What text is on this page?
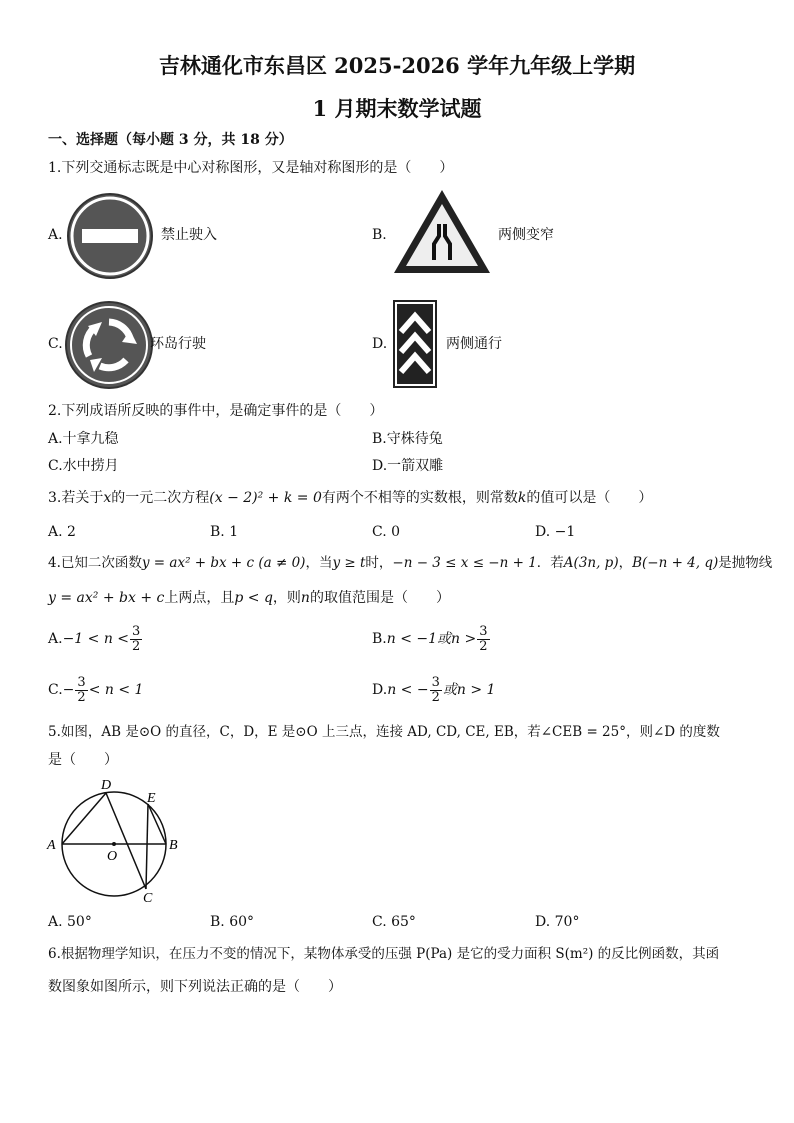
吉林通化市东昌区 2025-2026 学年九年级上学期
1 月期末数学试题
一、选择题（每小题 3 分，共 18 分）
1.下列交通标志既是中心对称图形，又是轴对称图形的是（　　）
A.	禁止驶入	B.	两侧变窄
C.	环岛行驶	D.	两侧通行
2.下列成语所反映的事件中，是确定事件的是（　　）
A.十拿九稳	B.守株待兔
C.水中捞月	D.一箭双雕
3.若关于x的一元二次方程(x − 2)² + k = 0有两个不相等的实数根，则常数k的值可以是（　　）
A. 2	B. 1	C. 0	D. −1
4.已知二次函数y = ax² + bx + c (a ≠ 0)，当y ≥ t时，−n − 3 ≤ x ≤ −n + 1．若A(3n, p)，B(−n + 4, q)是抛物线
y = ax² + bx + c上两点，且p < q，则n的取值范围是（　　）
$A.-1 < n < \frac{3}{2}$	B.n < −1或$n > \frac{3}{2}$
$C.- \frac{3}{2} < n < 1$	D.n < − $\frac{3}{2}$ 或n > 1
5.如图，AB 是⊙O 的直径，C，D，E 是⊙O 上三点，连接 AD, CD, CE, EB，若∠CEB = 25°，则∠D 的度数
是（　　）
A	B
C
D
E
O
A. 50°	B. 60°	C. 65°	D. 70°
6.根据物理学知识，在压力不变的情况下，某物体承受的压强 P(Pa) 是它的受力面积 S(m²) 的反比例函数，其函
数图象如图所示，则下列说法正确的是（　　）
